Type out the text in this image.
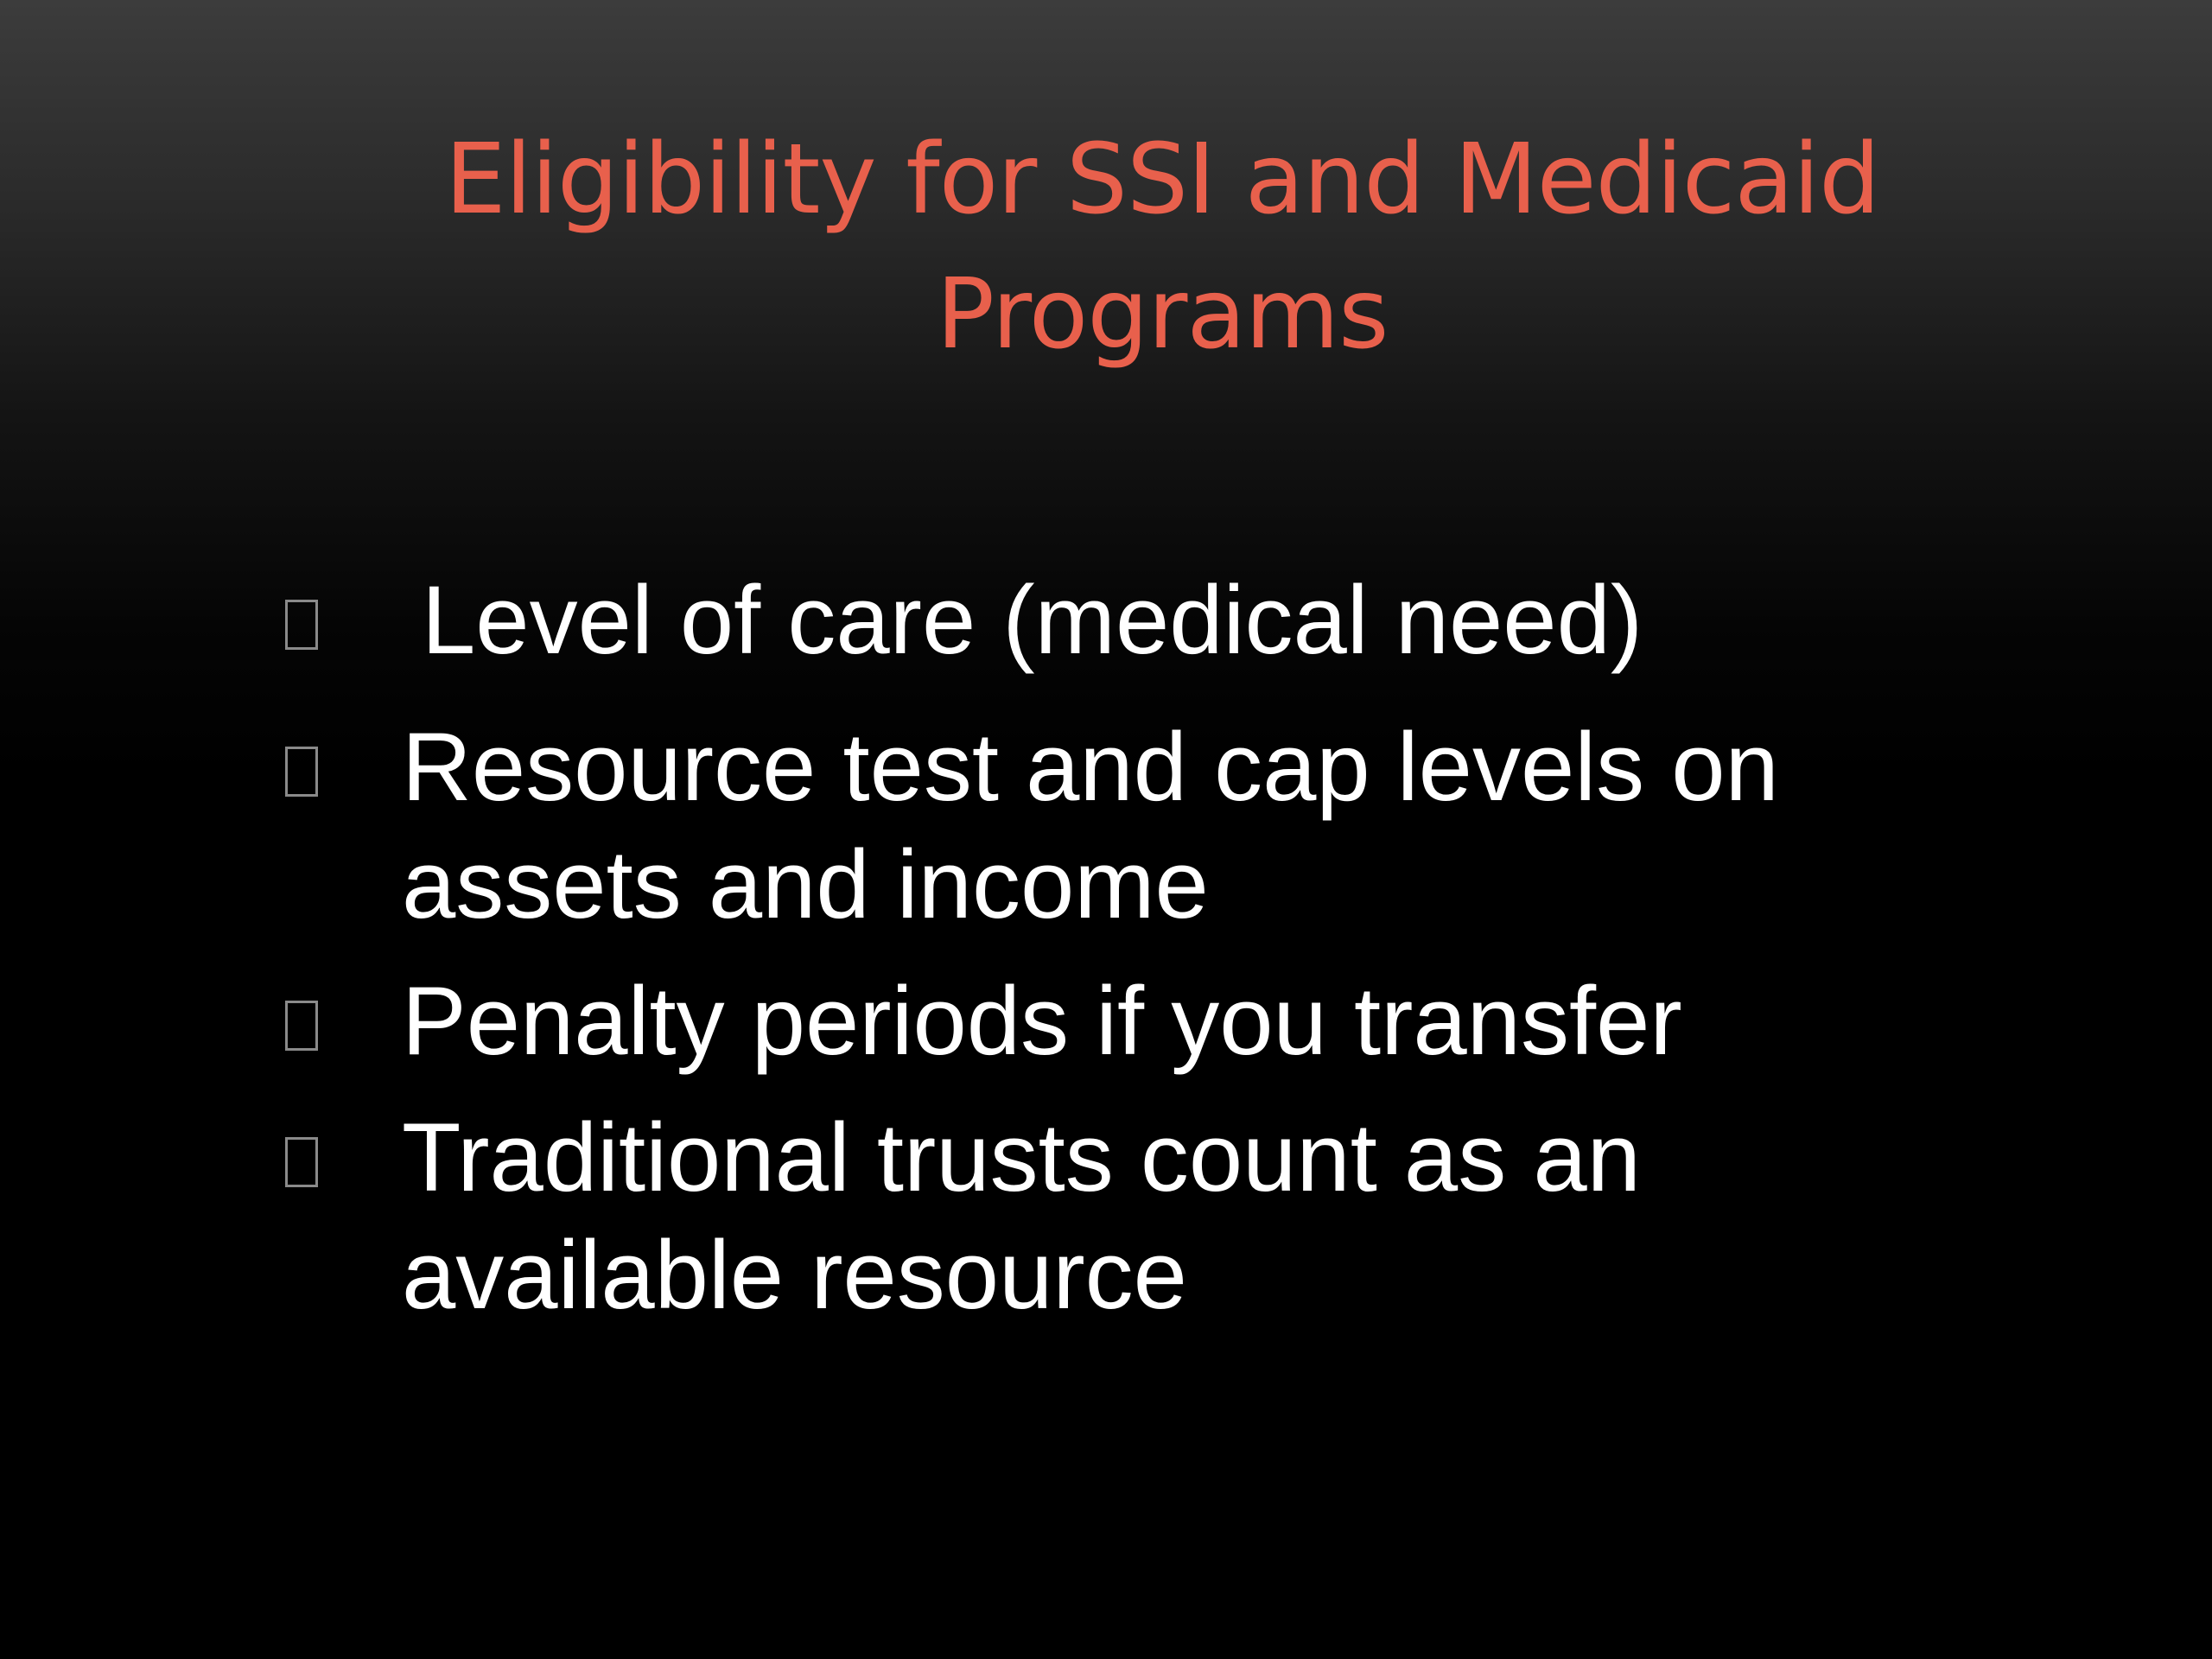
Eligibility for SSI and Medicaid
Programs
Level of care (medical need)
Resource test and cap levels on
assets and income
Penalty periods if you transfer
Traditional trusts count as an
available resource
